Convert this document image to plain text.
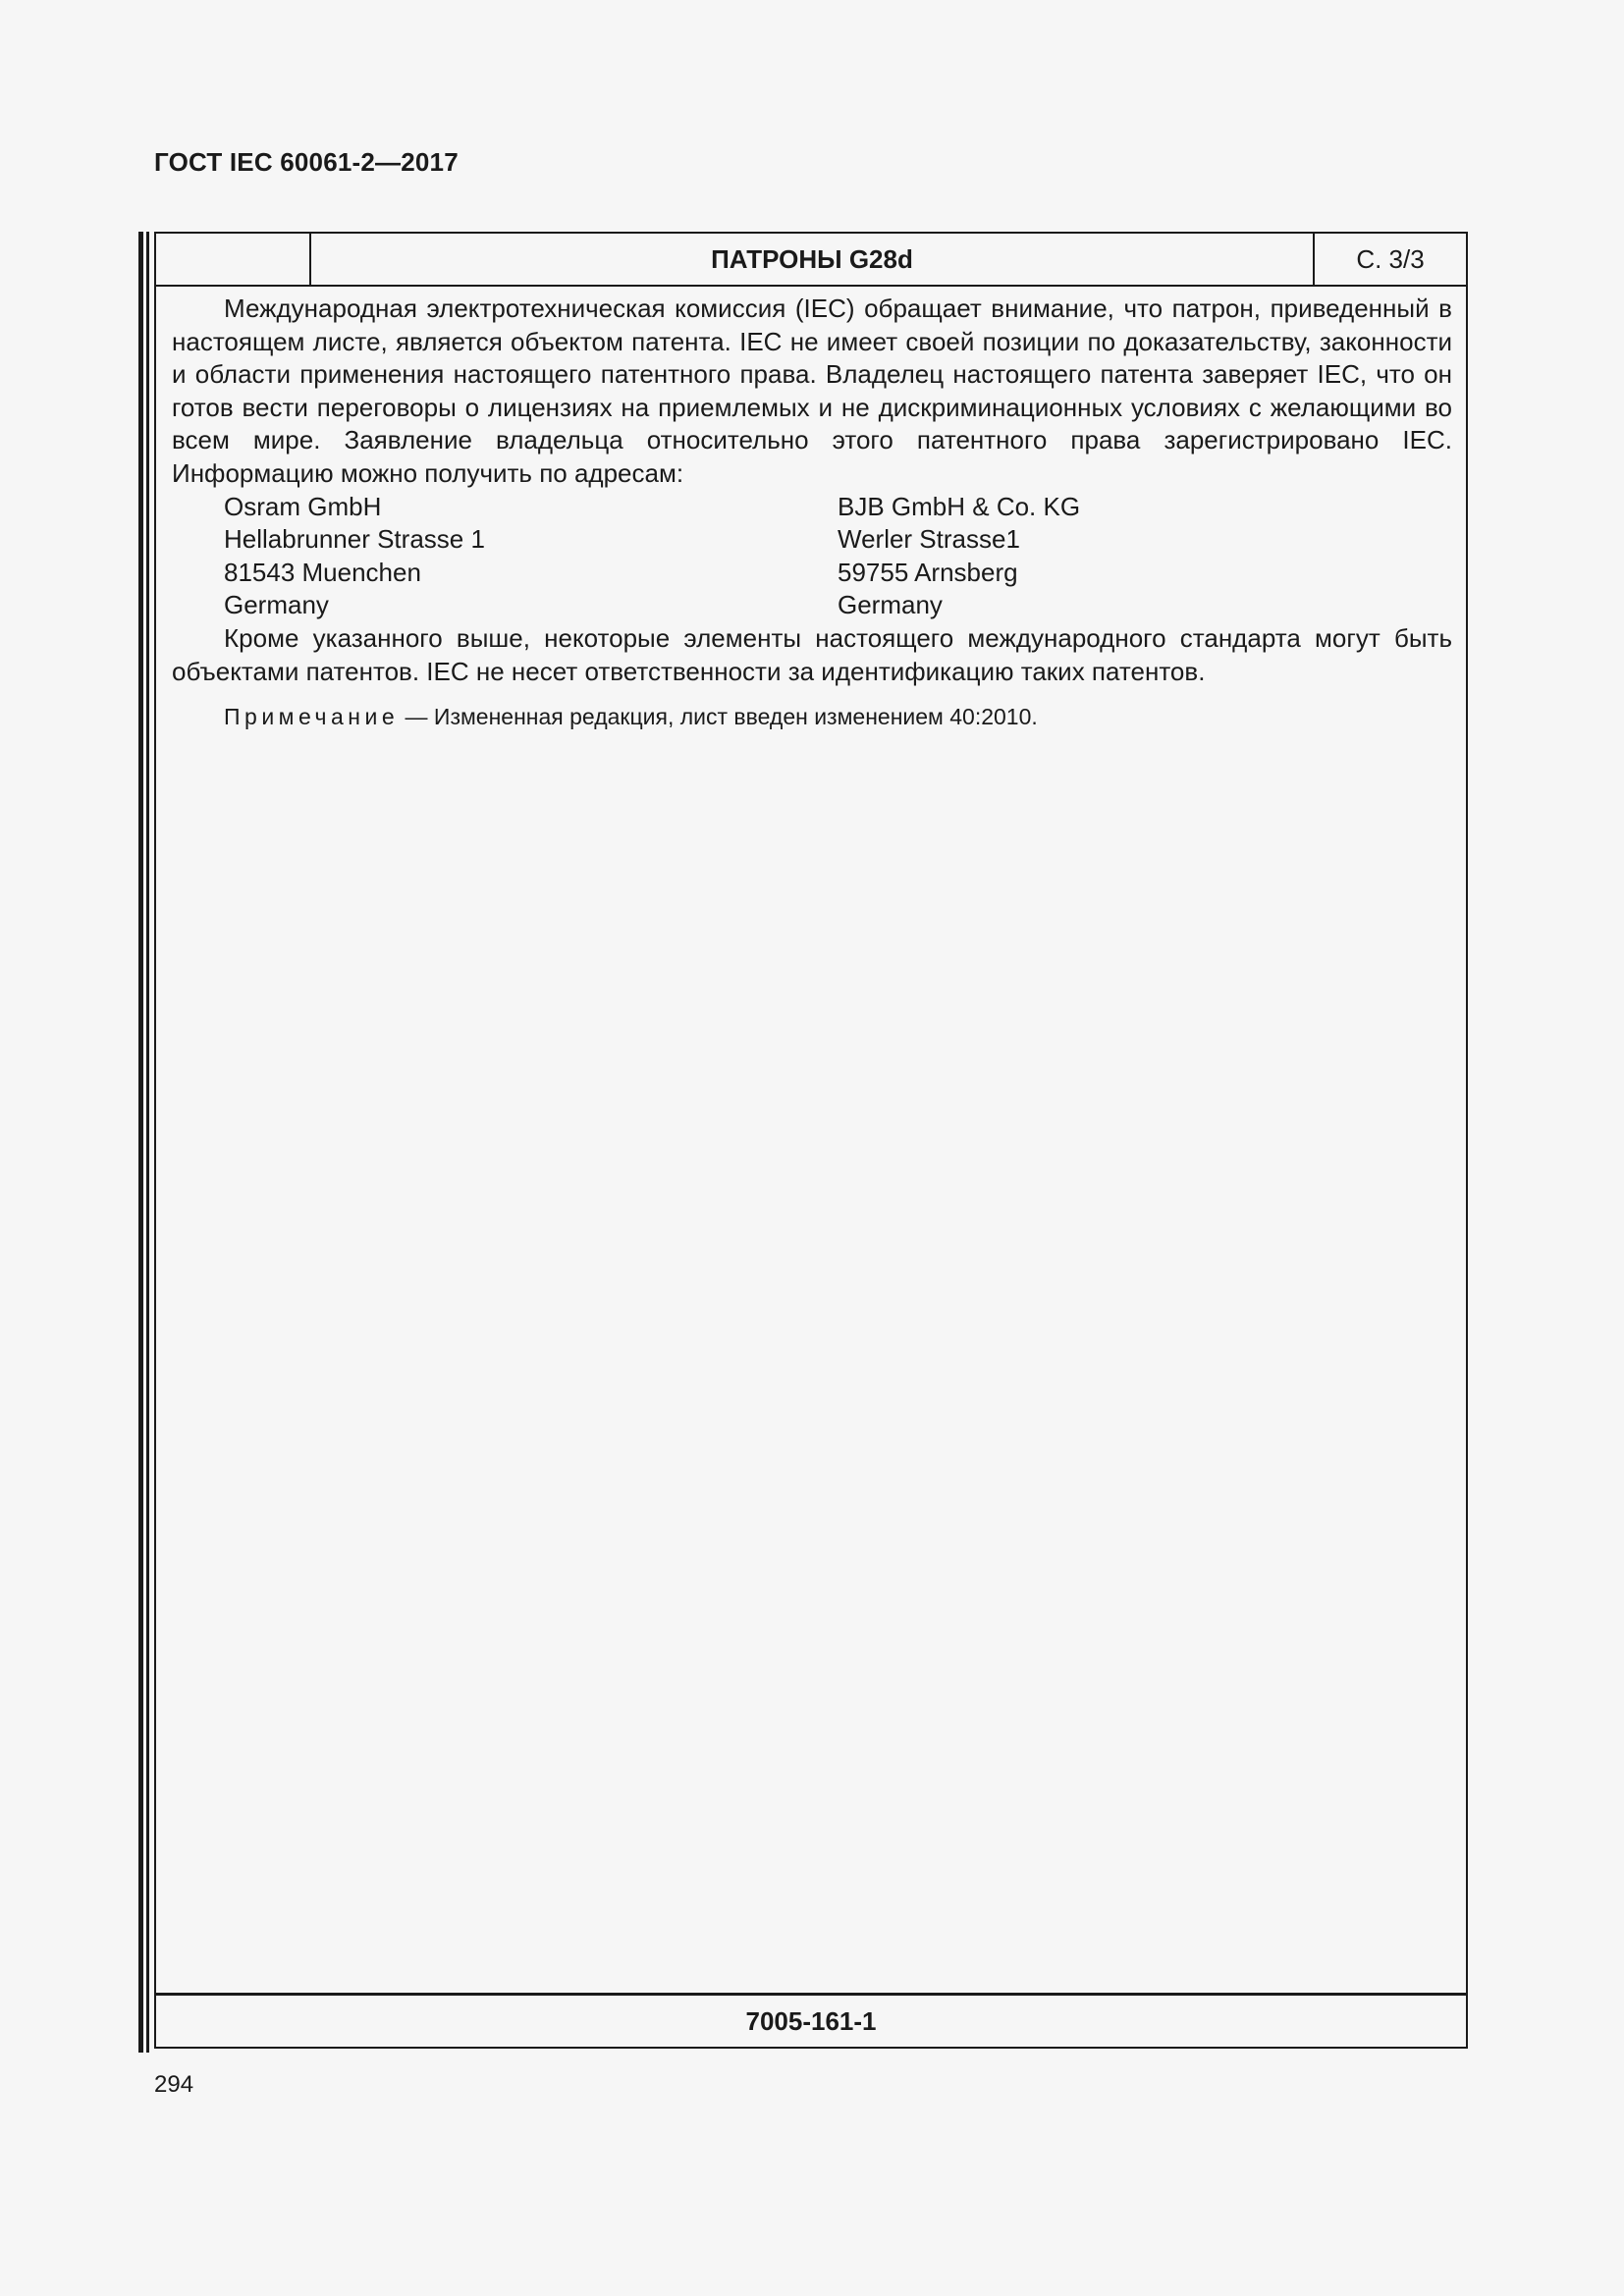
ГОСТ IEC 60061-2—2017
ПАТРОНЫ G28d	С. 3/3

Международная электротехническая комиссия (IEC) обращает внимание, что патрон, приведенный в настоящем листе, является объектом патента. IEC не имеет своей позиции по доказательству, законности и области применения настоящего патентного права. Владелец настоящего патента заверяет IEC, что он готов вести переговоры о лицензиях на приемлемых и не дискриминационных условиях с желающими во всем мире. Заявление владельца относительно этого патентного права зарегистрировано IEC. Информацию можно получить по адресам:

Osram GmbH
Hellabrunner Strasse 1
81543 Muenchen
Germany
BJB GmbH & Co. KG
Werler Strasse1
59755 Arnsberg
Germany

Кроме указанного выше, некоторые элементы настоящего международного стандарта могут быть объектами патентов. IEC не несет ответственности за идентификацию таких патентов.

Примечание — Измененная редакция, лист введен изменением 40:2010.

7005-161-1
294
